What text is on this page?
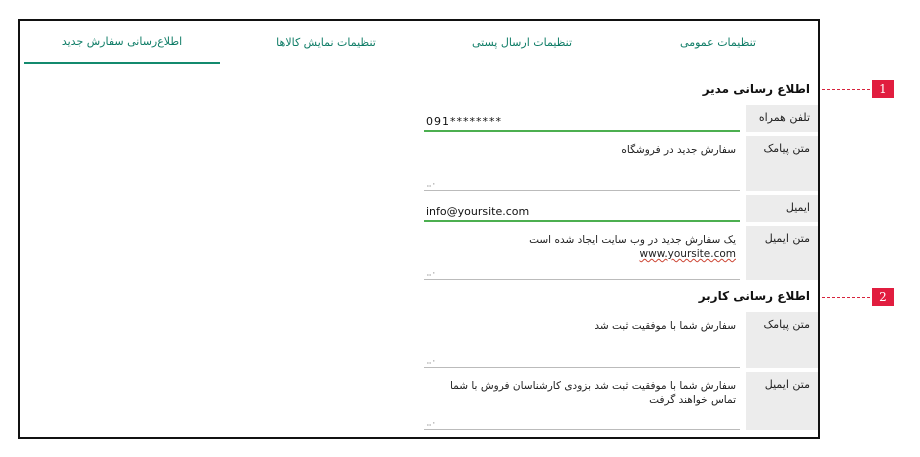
تنظیمات عمومی
تنظیمات ارسال پستی
تنظیمات نمایش کالاها
اطلاع‌رسانی سفارش جدید
اطلاع رسانی مدیر
تلفن همراه
091********
متن پیامک
سفارش جدید در فروشگاه
⣀⠄
ایمیل
info@yoursite.com
متن ایمیل
یک سفارش جدید در وب سایت ایجاد شده است
www.yoursite.com
⣀⠄
اطلاع رسانی کاربر
متن پیامک
سفارش شما با موفقیت ثبت شد
⣀⠄
متن ایمیل
سفارش شما با موفقیت ثبت شد بزودی کارشناسان فروش با شما
تماس خواهند گرفت
⣀⠄
1
2
